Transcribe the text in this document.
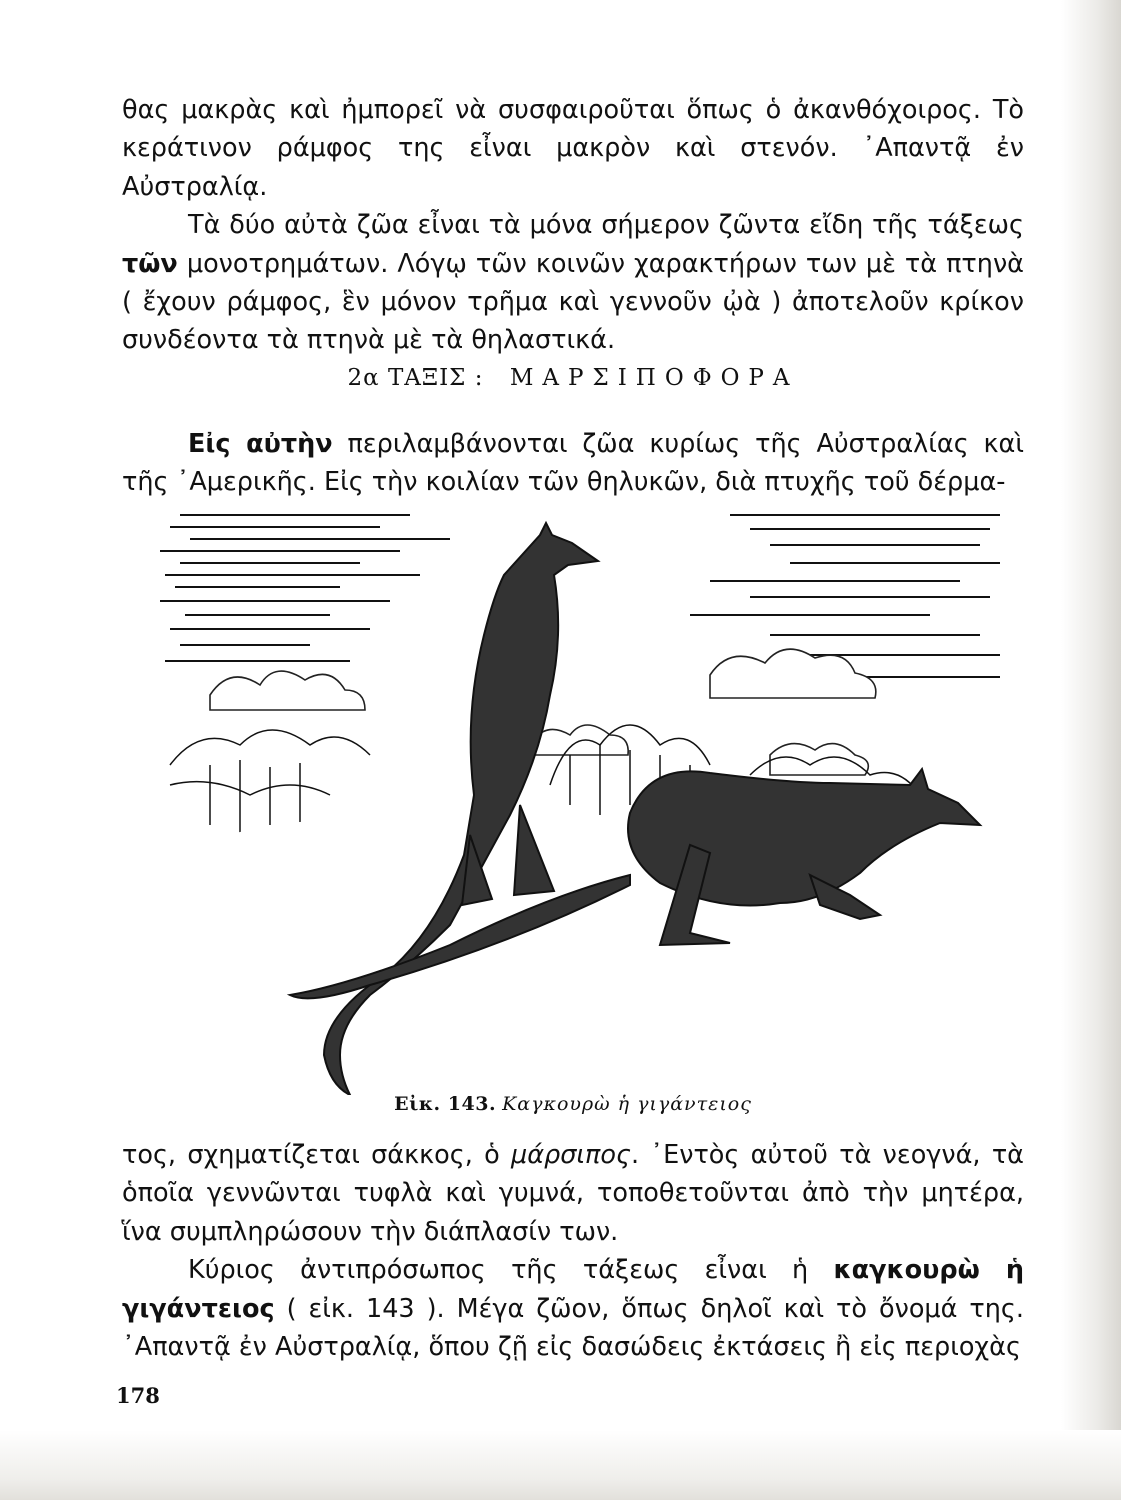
θας μακρὰς καὶ ἠμπορεῖ νὰ συσφαιροῦται ὅπως ὁ ἀκανθόχοιρος. Τὸ κεράτινον ράμφος της εἶναι μακρὸν καὶ στενόν. ᾿Απαντᾷ ἐν Αὐστραλίᾳ.

Τὰ δύο αὐτὰ ζῶα εἶναι τὰ μόνα σήμερον ζῶντα εἴδη τῆς τάξεως τῶν μονοτρημάτων. Λόγῳ τῶν κοινῶν χαρακτήρων των μὲ τὰ πτηνὰ ( ἔχουν ράμφος, ἓν μόνον τρῆμα καὶ γεννοῦν ᾠὰ ) ἀποτελοῦν κρίκον συνδέοντα τὰ πτηνὰ μὲ τὰ θηλαστικά.

2α ΤΑΞΙΣ : ΜΑΡΣΙΠΟΦΟΡΑ

Εἰς αὐτὴν περιλαμβάνονται ζῶα κυρίως τῆς Αὐστραλίας καὶ τῆς ᾿Αμερικῆς. Εἰς τὴν κοιλίαν τῶν θηλυκῶν, διὰ πτυχῆς τοῦ δέρμα-

Εἰκ. 143. Καγκουρὼ ἡ γιγάντειος

τος, σχηματίζεται σάκκος, ὁ μάρσιπος. ᾿Εντὸς αὐτοῦ τὰ νεογνά, τὰ ὁποῖα γεννῶνται τυφλὰ καὶ γυμνά, τοποθετοῦνται ἀπὸ τὴν μητέρα, ἵνα συμπληρώσουν τὴν διάπλασίν των.

Κύριος ἀντιπρόσωπος τῆς τάξεως εἶναι ἡ καγκουρὼ ἡ γιγάντειος ( εἰκ. 143 ). Μέγα ζῶον, ὅπως δηλοῖ καὶ τὸ ὄνομά της. ᾿Απαντᾷ ἐν Αὐστραλίᾳ, ὅπου ζῇ εἰς δασώδεις ἐκτάσεις ἢ εἰς περιοχὰς

178
